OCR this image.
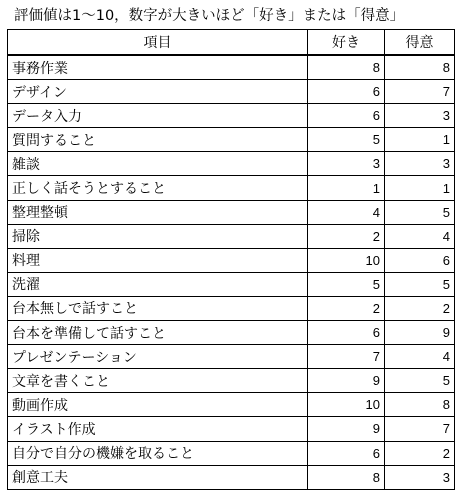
評価値は1～10，数字が大きいほど「好き」または「得意」
項目	好き	得意
事務作業	8	8
デザイン	6	7
データ入力	6	3
質問すること	5	1
雑談	3	3
正しく話そうとすること	1	1
整理整頓	4	5
掃除	2	4
料理	10	6
洗濯	5	5
台本無しで話すこと	2	2
台本を準備して話すこと	6	9
プレゼンテーション	7	4
文章を書くこと	9	5
動画作成	10	8
イラスト作成	9	7
自分で自分の機嫌を取ること	6	2
創意工夫	8	3
